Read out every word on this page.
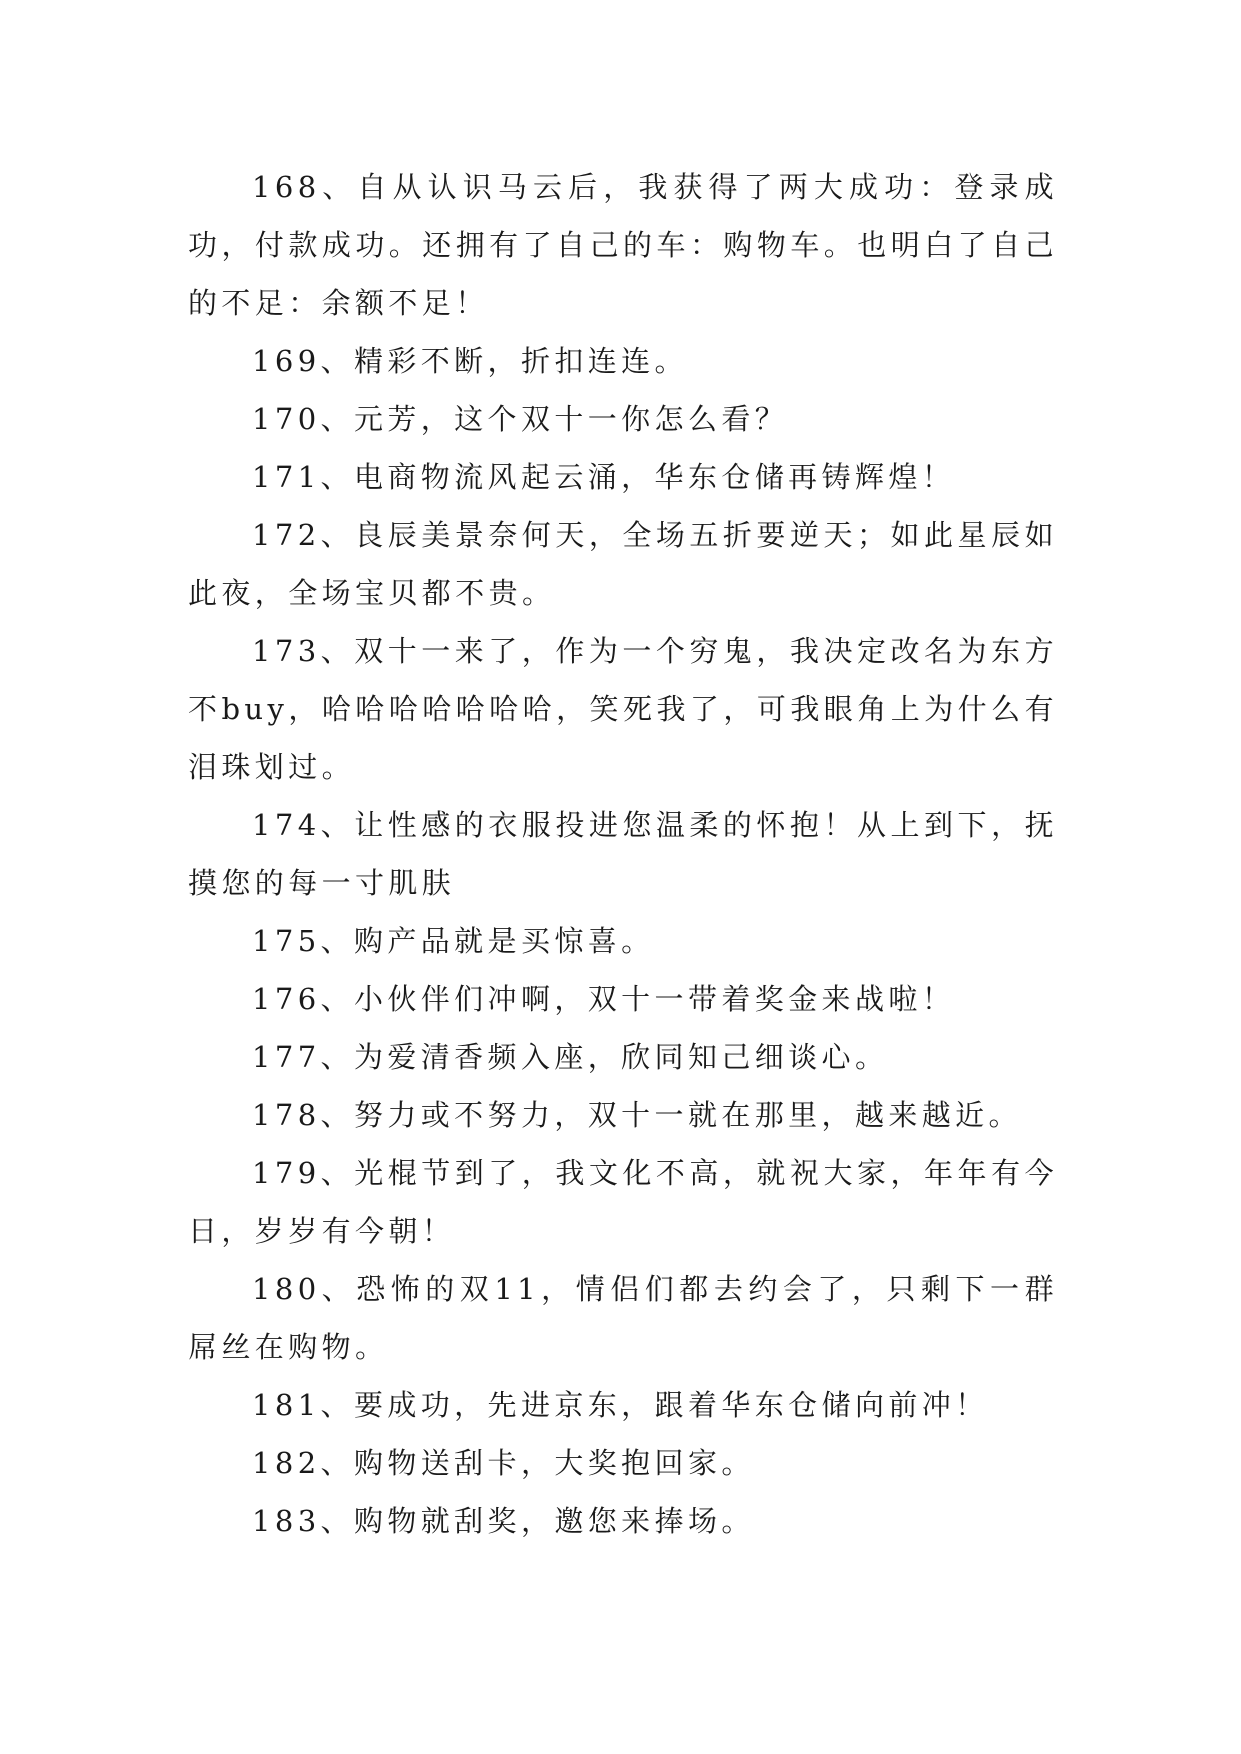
168、自从认识马云后，我获得了两大成功：登录成功，付款成功。还拥有了自己的车：购物车。也明白了自己的不足：余额不足！

169、精彩不断，折扣连连。

170、元芳，这个双十一你怎么看？

171、电商物流风起云涌，华东仓储再铸辉煌！

172、良辰美景奈何天，全场五折要逆天；如此星辰如此夜，全场宝贝都不贵。

173、双十一来了，作为一个穷鬼，我决定改名为东方不buy，哈哈哈哈哈哈哈，笑死我了，可我眼角上为什么有泪珠划过。

174、让性感的衣服投进您温柔的怀抱！从上到下，抚摸您的每一寸肌肤

175、购产品就是买惊喜。

176、小伙伴们冲啊，双十一带着奖金来战啦！

177、为爱清香频入座，欣同知己细谈心。

178、努力或不努力，双十一就在那里，越来越近。

179、光棍节到了，我文化不高，就祝大家，年年有今日，岁岁有今朝！

180、恐怖的双11，情侣们都去约会了，只剩下一群屌丝在购物。

181、要成功，先进京东，跟着华东仓储向前冲！

182、购物送刮卡，大奖抱回家。

183、购物就刮奖，邀您来捧场。
